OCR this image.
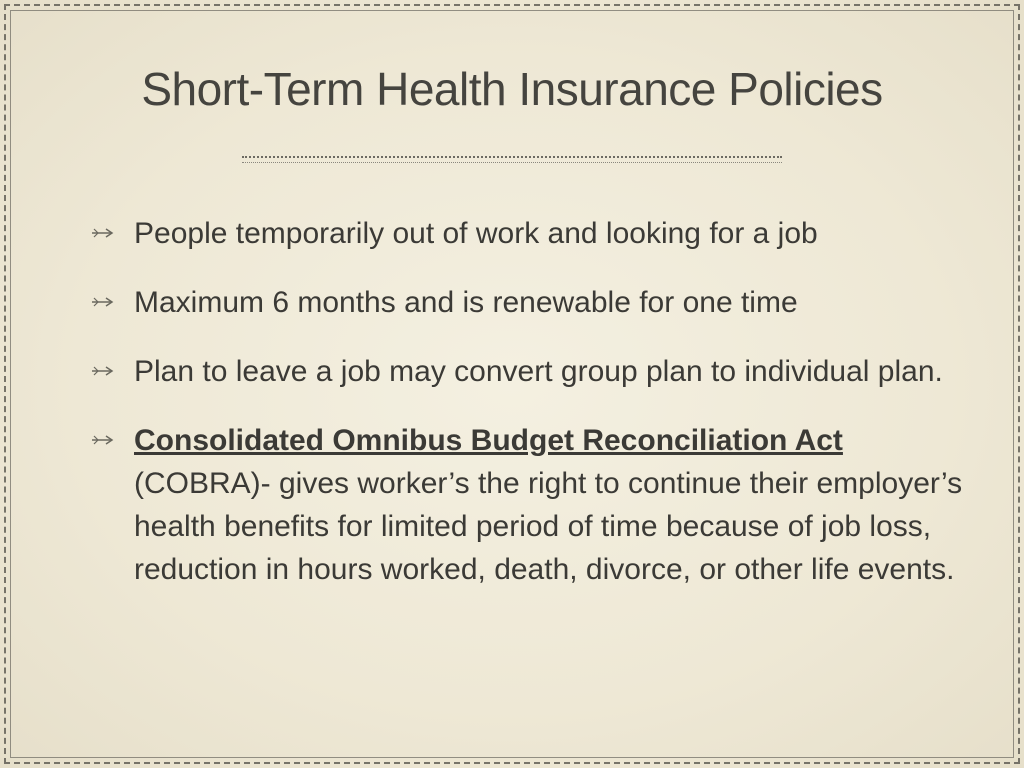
Short-Term Health Insurance Policies
People temporarily out of work and looking for a job
Maximum 6 months and is renewable for one time
Plan to leave a job may convert group plan to individual plan.
Consolidated Omnibus Budget Reconciliation Act (COBRA)- gives worker’s the right to continue their employer’s health benefits for limited period of time because of job loss, reduction in hours worked, death, divorce, or other life events.
